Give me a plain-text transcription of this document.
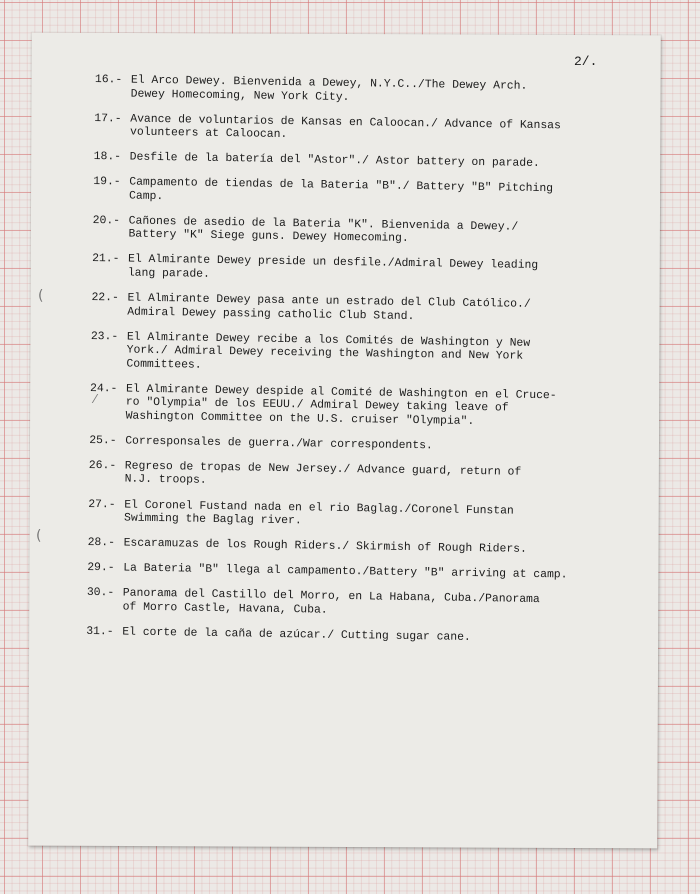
2/.
(
⁄
(
16.- El Arco Dewey. Bienvenida a Dewey, N.Y.C../The Dewey Arch.
Dewey Homecoming, New York City.
17.- Avance de voluntarios de Kansas en Caloocan./ Advance of Kansas
volunteers at Caloocan.
18.- Desfile de la batería del "Astor"./ Astor battery on parade.
19.- Campamento de tiendas de la Bateria "B"./ Battery "B" Pitching
Camp.
20.- Cañones de asedio de la Bateria "K". Bienvenida a Dewey./
Battery "K" Siege guns. Dewey Homecoming.
21.- El Almirante Dewey preside un desfile./Admiral Dewey leading
lang parade.
22.- El Almirante Dewey pasa ante un estrado del Club Católico./
Admiral Dewey passing catholic Club Stand.
23.- El Almirante Dewey recibe a los Comités de Washington y New
York./ Admiral Dewey receiving the Washington and New York
Committees.
24.- El Almirante Dewey despide al Comité de Washington en el Cruce-
ro "Olympia" de los EEUU./ Admiral Dewey taking leave of
Washington Committee on the U.S. cruiser "Olympia".
25.- Corresponsales de guerra./War correspondents.
26.- Regreso de tropas de New Jersey./ Advance guard, return of
N.J. troops.
27.- El Coronel Fustand nada en el rio Baglag./Coronel Funstan
Swimming the Baglag river.
28.- Escaramuzas de los Rough Riders./ Skirmish of Rough Riders.
29.- La Bateria "B" llega al campamento./Battery "B" arriving at camp.
30.- Panorama del Castillo del Morro, en La Habana, Cuba./Panorama
of Morro Castle, Havana, Cuba.
31.- El corte de la caña de azúcar./ Cutting sugar cane.
